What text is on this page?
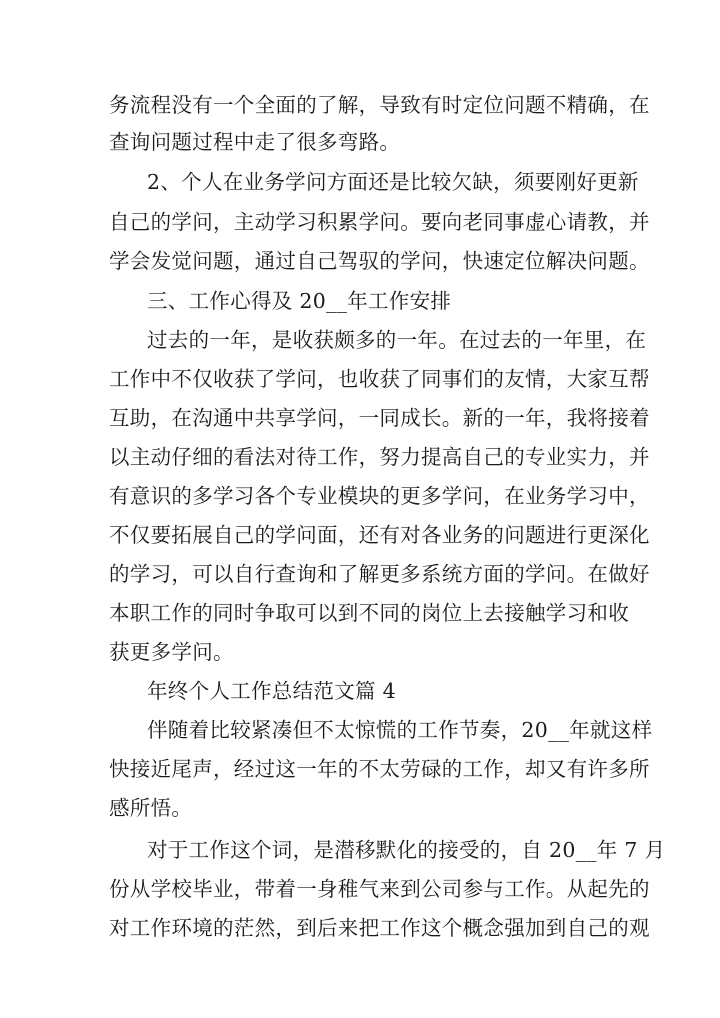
务流程没有一个全面的了解，导致有时定位问题不精确，在
查询问题过程中走了很多弯路。
2、个人在业务学问方面还是比较欠缺，须要刚好更新
自己的学问，主动学习积累学问。要向老同事虚心请教，并
学会发觉问题，通过自己驾驭的学问，快速定位解决问题。
三、工作心得及 20__年工作安排
过去的一年，是收获颇多的一年。在过去的一年里，在
工作中不仅收获了学问，也收获了同事们的友情，大家互帮
互助，在沟通中共享学问，一同成长。新的一年，我将接着
以主动仔细的看法对待工作，努力提高自己的专业实力，并
有意识的多学习各个专业模块的更多学问，在业务学习中，
不仅要拓展自己的学问面，还有对各业务的问题进行更深化
的学习，可以自行查询和了解更多系统方面的学问。在做好
本职工作的同时争取可以到不同的岗位上去接触学习和收
获更多学问。
年终个人工作总结范文篇 4
伴随着比较紧凑但不太惊慌的工作节奏，20__年就这样
快接近尾声，经过这一年的不太劳碌的工作，却又有许多所
感所悟。
对于工作这个词，是潜移默化的接受的，自 20__年 7 月
份从学校毕业，带着一身稚气来到公司参与工作。从起先的
对工作环境的茫然，到后来把工作这个概念强加到自己的观
